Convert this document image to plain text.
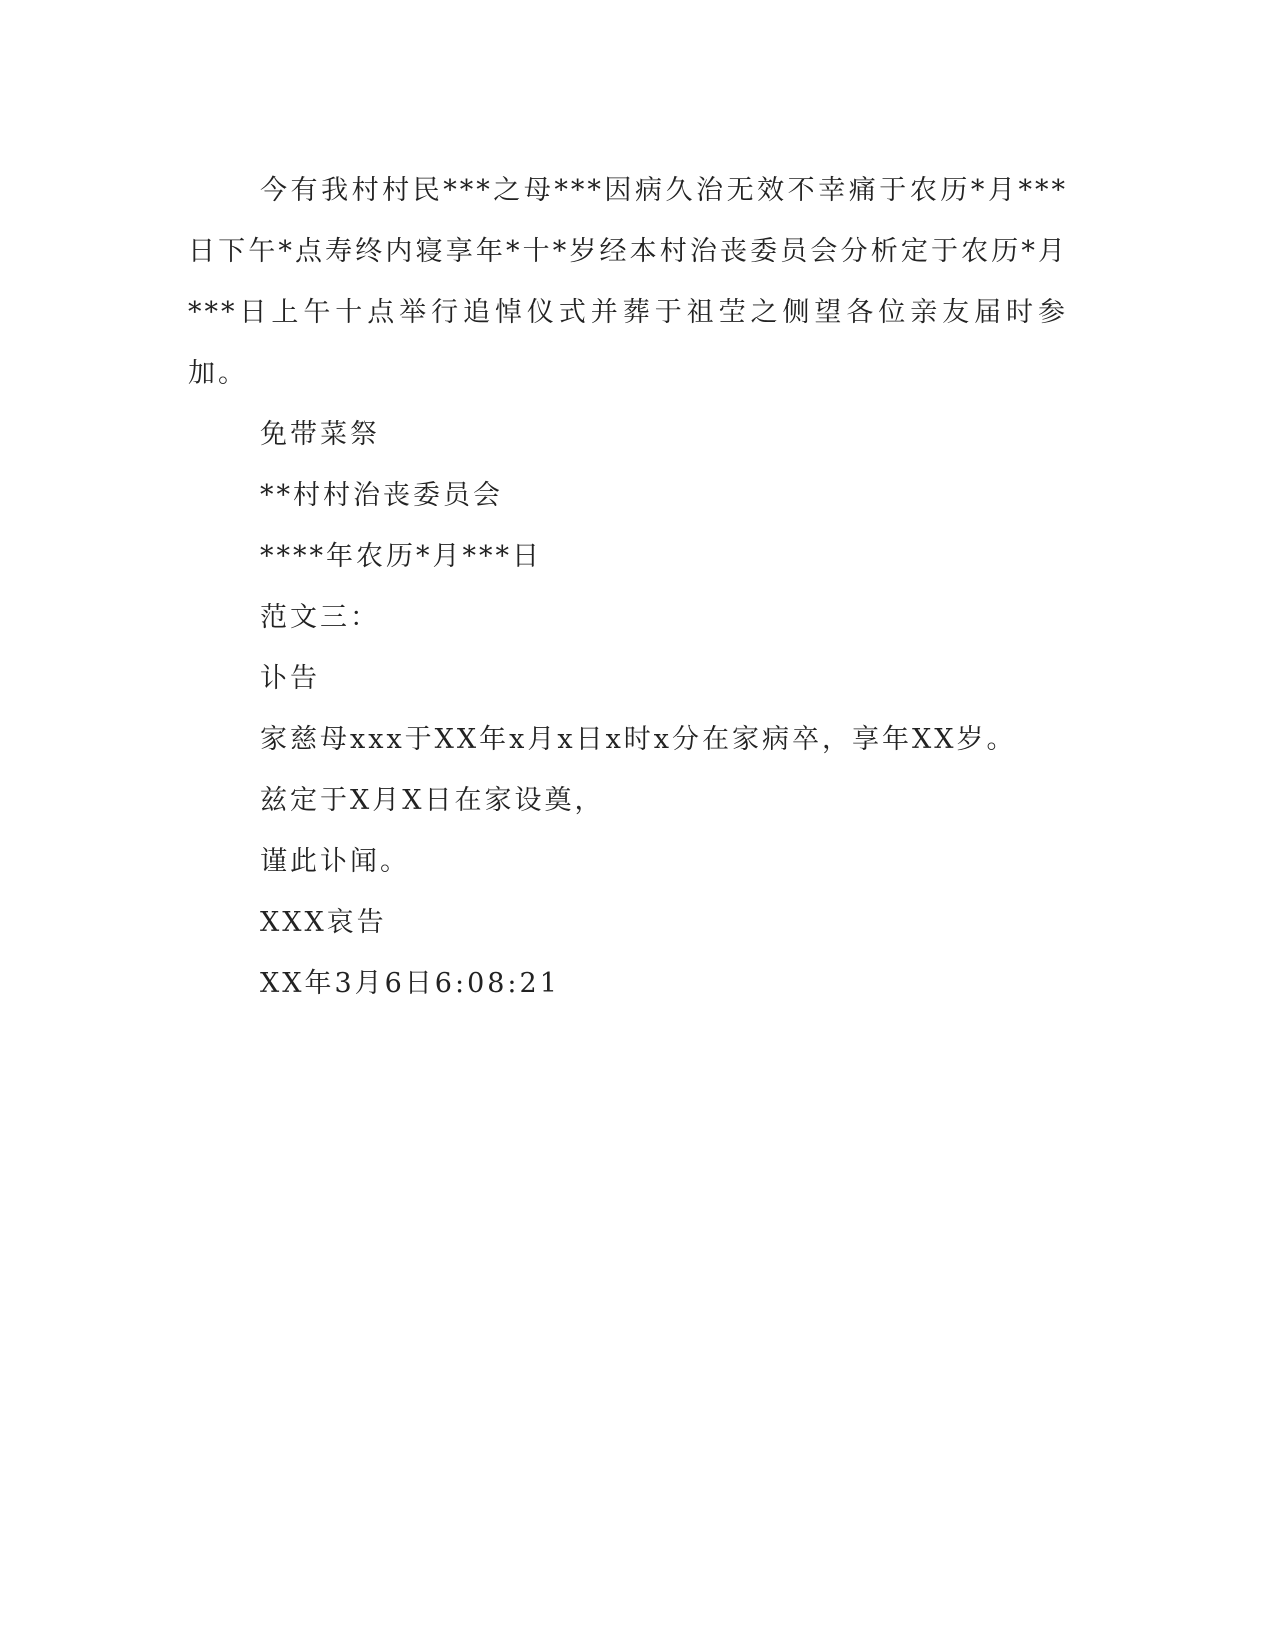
今有我村村民***之母***因病久治无效不幸痛于农历*月***日下午*点寿终内寝享年*十*岁经本村治丧委员会分析定于农历*月***日上午十点举行追悼仪式并葬于祖茔之侧望各位亲友届时参加。

免带菜祭

**村村治丧委员会

****年农历*月***日

范文三：

讣告

家慈母xxx于XX年x月x日x时x分在家病卒，享年XX岁。

兹定于X月X日在家设奠，

谨此讣闻。

XXX哀告

XX年3月6日6:08:21
